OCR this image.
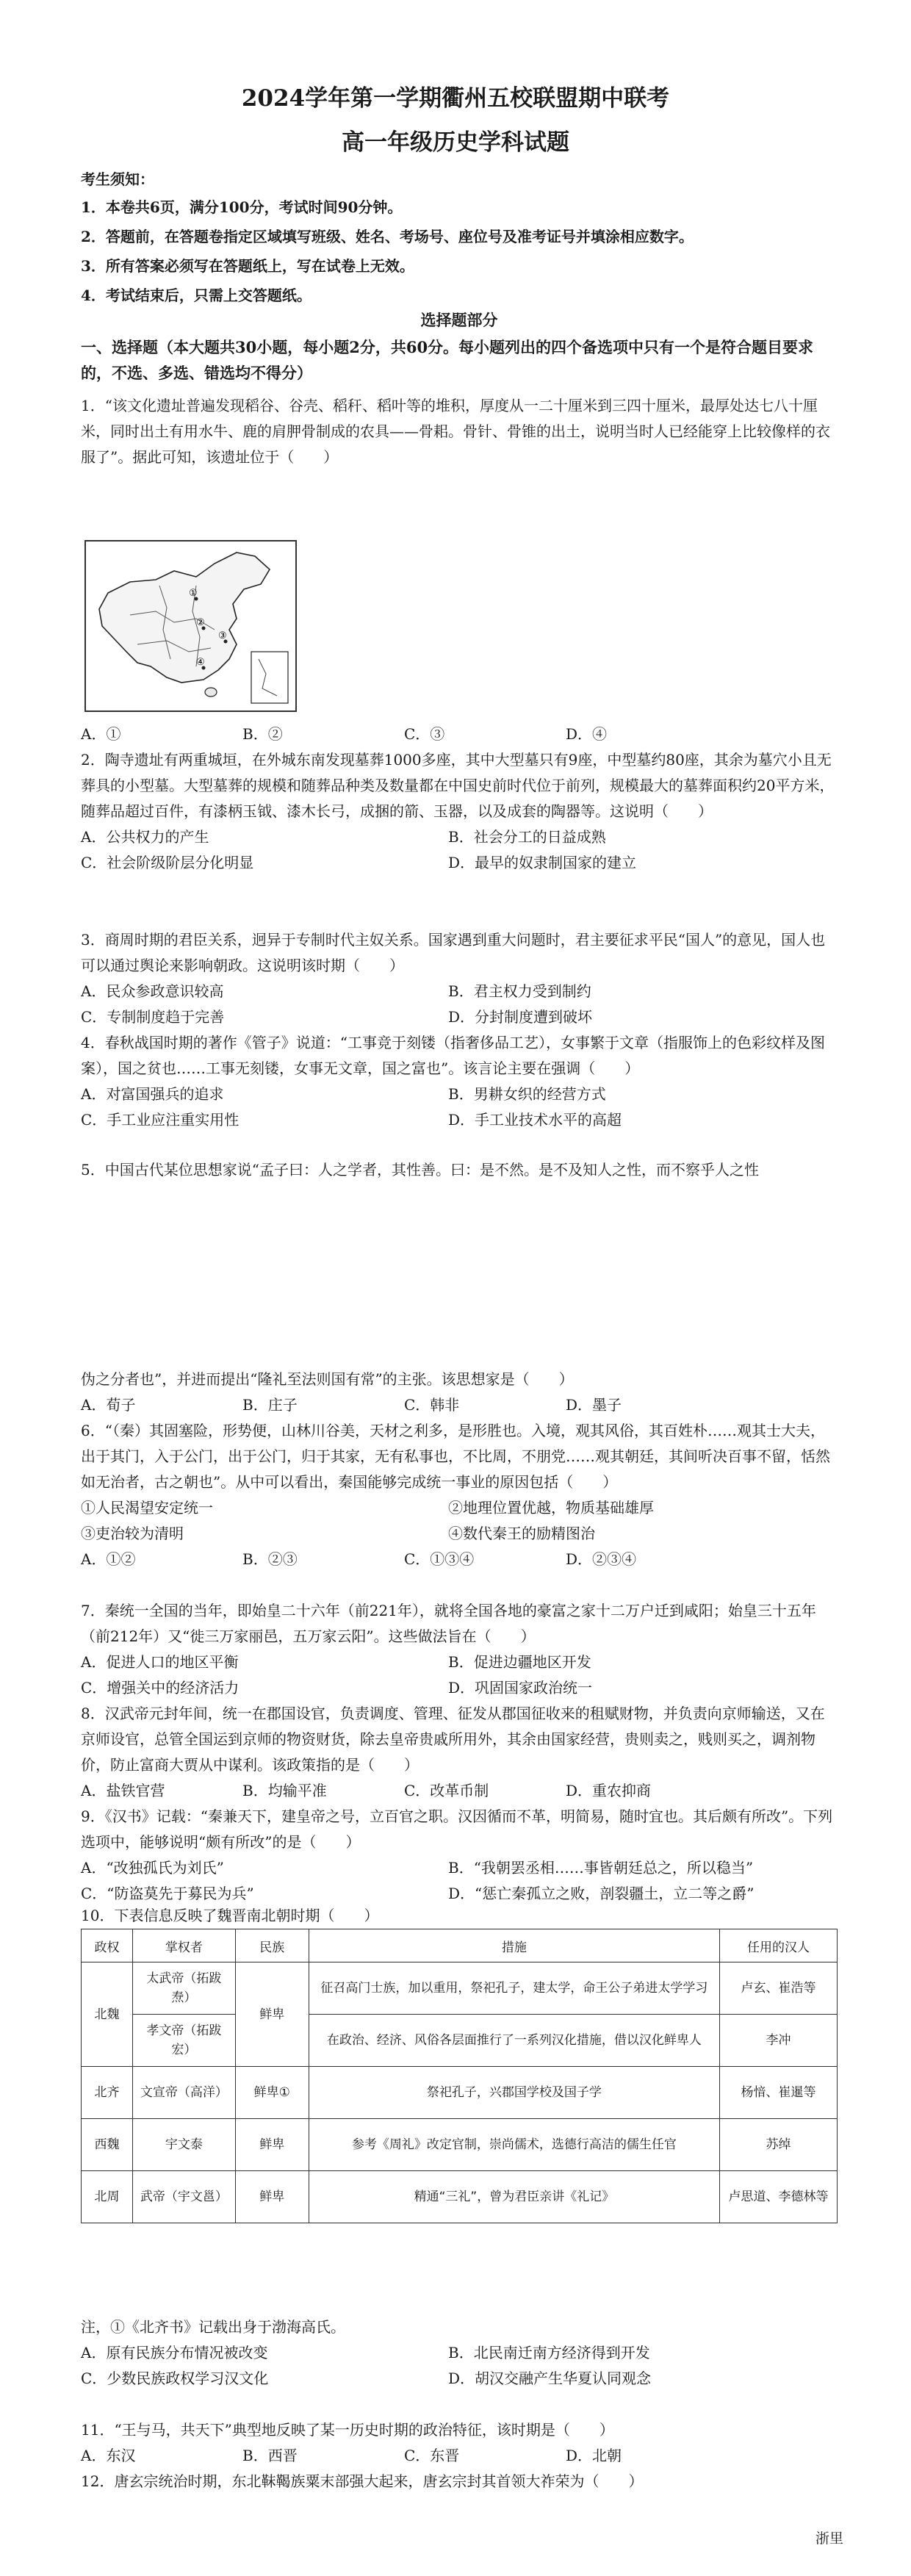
2024学年第一学期衢州五校联盟期中联考
高一年级历史学科试题
考生须知：
1．本卷共6页，满分100分，考试时间90分钟。
2．答题前，在答题卷指定区域填写班级、姓名、考场号、座位号及准考证号并填涂相应数字。
3．所有答案必须写在答题纸上，写在试卷上无效。
4．考试结束后，只需上交答题纸。
选择题部分
一、选择题（本大题共30小题，每小题2分，共60分。每小题列出的四个备选项中只有一个是符合题目要求的，不选、多选、错选均不得分）
1．“该文化遗址普遍发现稻谷、谷壳、稻秆、稻叶等的堆积，厚度从一二十厘米到三四十厘米，最厚处达七八十厘米，同时出土有用水牛、鹿的肩胛骨制成的农具——骨耜。骨针、骨锥的出土，说明当时人已经能穿上比较像样的衣服了”。据此可知，该遗址位于（　　）
①
②
③
④
A．①	B．②	C．③	D．④
2．陶寺遗址有两重城垣，在外城东南发现墓葬1000多座，其中大型墓只有9座，中型墓约80座，其余为墓穴小且无葬具的小型墓。大型墓葬的规模和随葬品种类及数量都在中国史前时代位于前列，规模最大的墓葬面积约20平方米，随葬品超过百件，有漆柄玉钺、漆木长弓，成捆的箭、玉器，以及成套的陶器等。这说明（　　）
A．公共权力的产生	B．社会分工的日益成熟
C．社会阶级阶层分化明显	D．最早的奴隶制国家的建立
3．商周时期的君臣关系，迥异于专制时代主奴关系。国家遇到重大问题时，君主要征求平民“国人”的意见，国人也可以通过舆论来影响朝政。这说明该时期（　　）
A．民众参政意识较高	B．君主权力受到制约
C．专制制度趋于完善	D．分封制度遭到破坏
4．春秋战国时期的著作《管子》说道：“工事竞于刻镂（指奢侈品工艺），女事繁于文章（指服饰上的色彩纹样及图案），国之贫也……工事无刻镂，女事无文章，国之富也”。该言论主要在强调（　　）
A．对富国强兵的追求	B．男耕女织的经营方式
C．手工业应注重实用性	D．手工业技术水平的高超
5．中国古代某位思想家说“孟子曰：人之学者，其性善。曰：是不然。是不及知人之性，而不察乎人之性
伪之分者也”，并进而提出“隆礼至法则国有常”的主张。该思想家是（　　）
A．荀子	B．庄子	C．韩非	D．墨子
6．“（秦）其固塞险，形势便，山林川谷美，天材之利多，是形胜也。入境，观其风俗，其百姓朴……观其士大夫，出于其门，入于公门，出于公门，归于其家，无有私事也，不比周，不朋党……观其朝廷，其间听决百事不留，恬然如无治者，古之朝也”。从中可以看出，秦国能够完成统一事业的原因包括（　　）
①人民渴望安定统一	②地理位置优越，物质基础雄厚
③吏治较为清明	④数代秦王的励精图治
A．①②	B．②③	C．①③④	D．②③④
7．秦统一全国的当年，即始皇二十六年（前221年），就将全国各地的豪富之家十二万户迁到咸阳；始皇三十五年（前212年）又“徙三万家丽邑，五万家云阳”。这些做法旨在（　　）
A．促进人口的地区平衡	B．促进边疆地区开发
C．增强关中的经济活力	D．巩固国家政治统一
8．汉武帝元封年间，统一在郡国设官，负责调度、管理、征发从郡国征收来的租赋财物，并负责向京师输送，又在京师设官，总管全国运到京师的物资财货，除去皇帝贵戚所用外，其余由国家经营，贵则卖之，贱则买之，调剂物价，防止富商大贾从中谋利。该政策指的是（　　）
A．盐铁官营	B．均输平准	C．改革币制	D．重农抑商
9．《汉书》记载：“秦兼天下，建皇帝之号，立百官之职。汉因循而不革，明简易，随时宜也。其后颇有所改”。下列选项中，能够说明“颇有所改”的是（　　）
A．“改独孤氏为刘氏”	B．“我朝罢丞相……事皆朝廷总之，所以稳当”
C．“防盗莫先于募民为兵”	D．“惩亡秦孤立之败，剖裂疆土，立二等之爵”
10．下表信息反映了魏晋南北朝时期（　　）
政权	掌权者	民族	措施	任用的汉人
北魏	太武帝（拓跋焘）	鲜卑	征召高门士族，加以重用，祭祀孔子，建太学，命王公子弟进太学学习	卢玄、崔浩等
	孝文帝（拓跋宏）		在政治、经济、风俗各层面推行了一系列汉化措施，借以汉化鲜卑人	李冲
北齐	文宣帝（高洋）	鲜卑①	祭祀孔子，兴郡国学校及国子学	杨愔、崔暹等
西魏	宇文泰	鲜卑	参考《周礼》改定官制，崇尚儒术，选德行高洁的儒生任官	苏绰
北周	武帝（宇文邕）	鲜卑	精通“三礼”，曾为君臣亲讲《礼记》	卢思道、李德林等
注，①《北齐书》记载出身于渤海高氏。
A．原有民族分布情况被改变	B．北民南迁南方经济得到开发
C．少数民族政权学习汉文化	D．胡汉交融产生华夏认同观念
11．“王与马，共天下”典型地反映了某一历史时期的政治特征，该时期是（　　）
A．东汉	B．西晋	C．东晋	D．北朝
12．唐玄宗统治时期，东北靺鞨族粟末部强大起来，唐玄宗封其首领大祚荣为（　　）
浙里
